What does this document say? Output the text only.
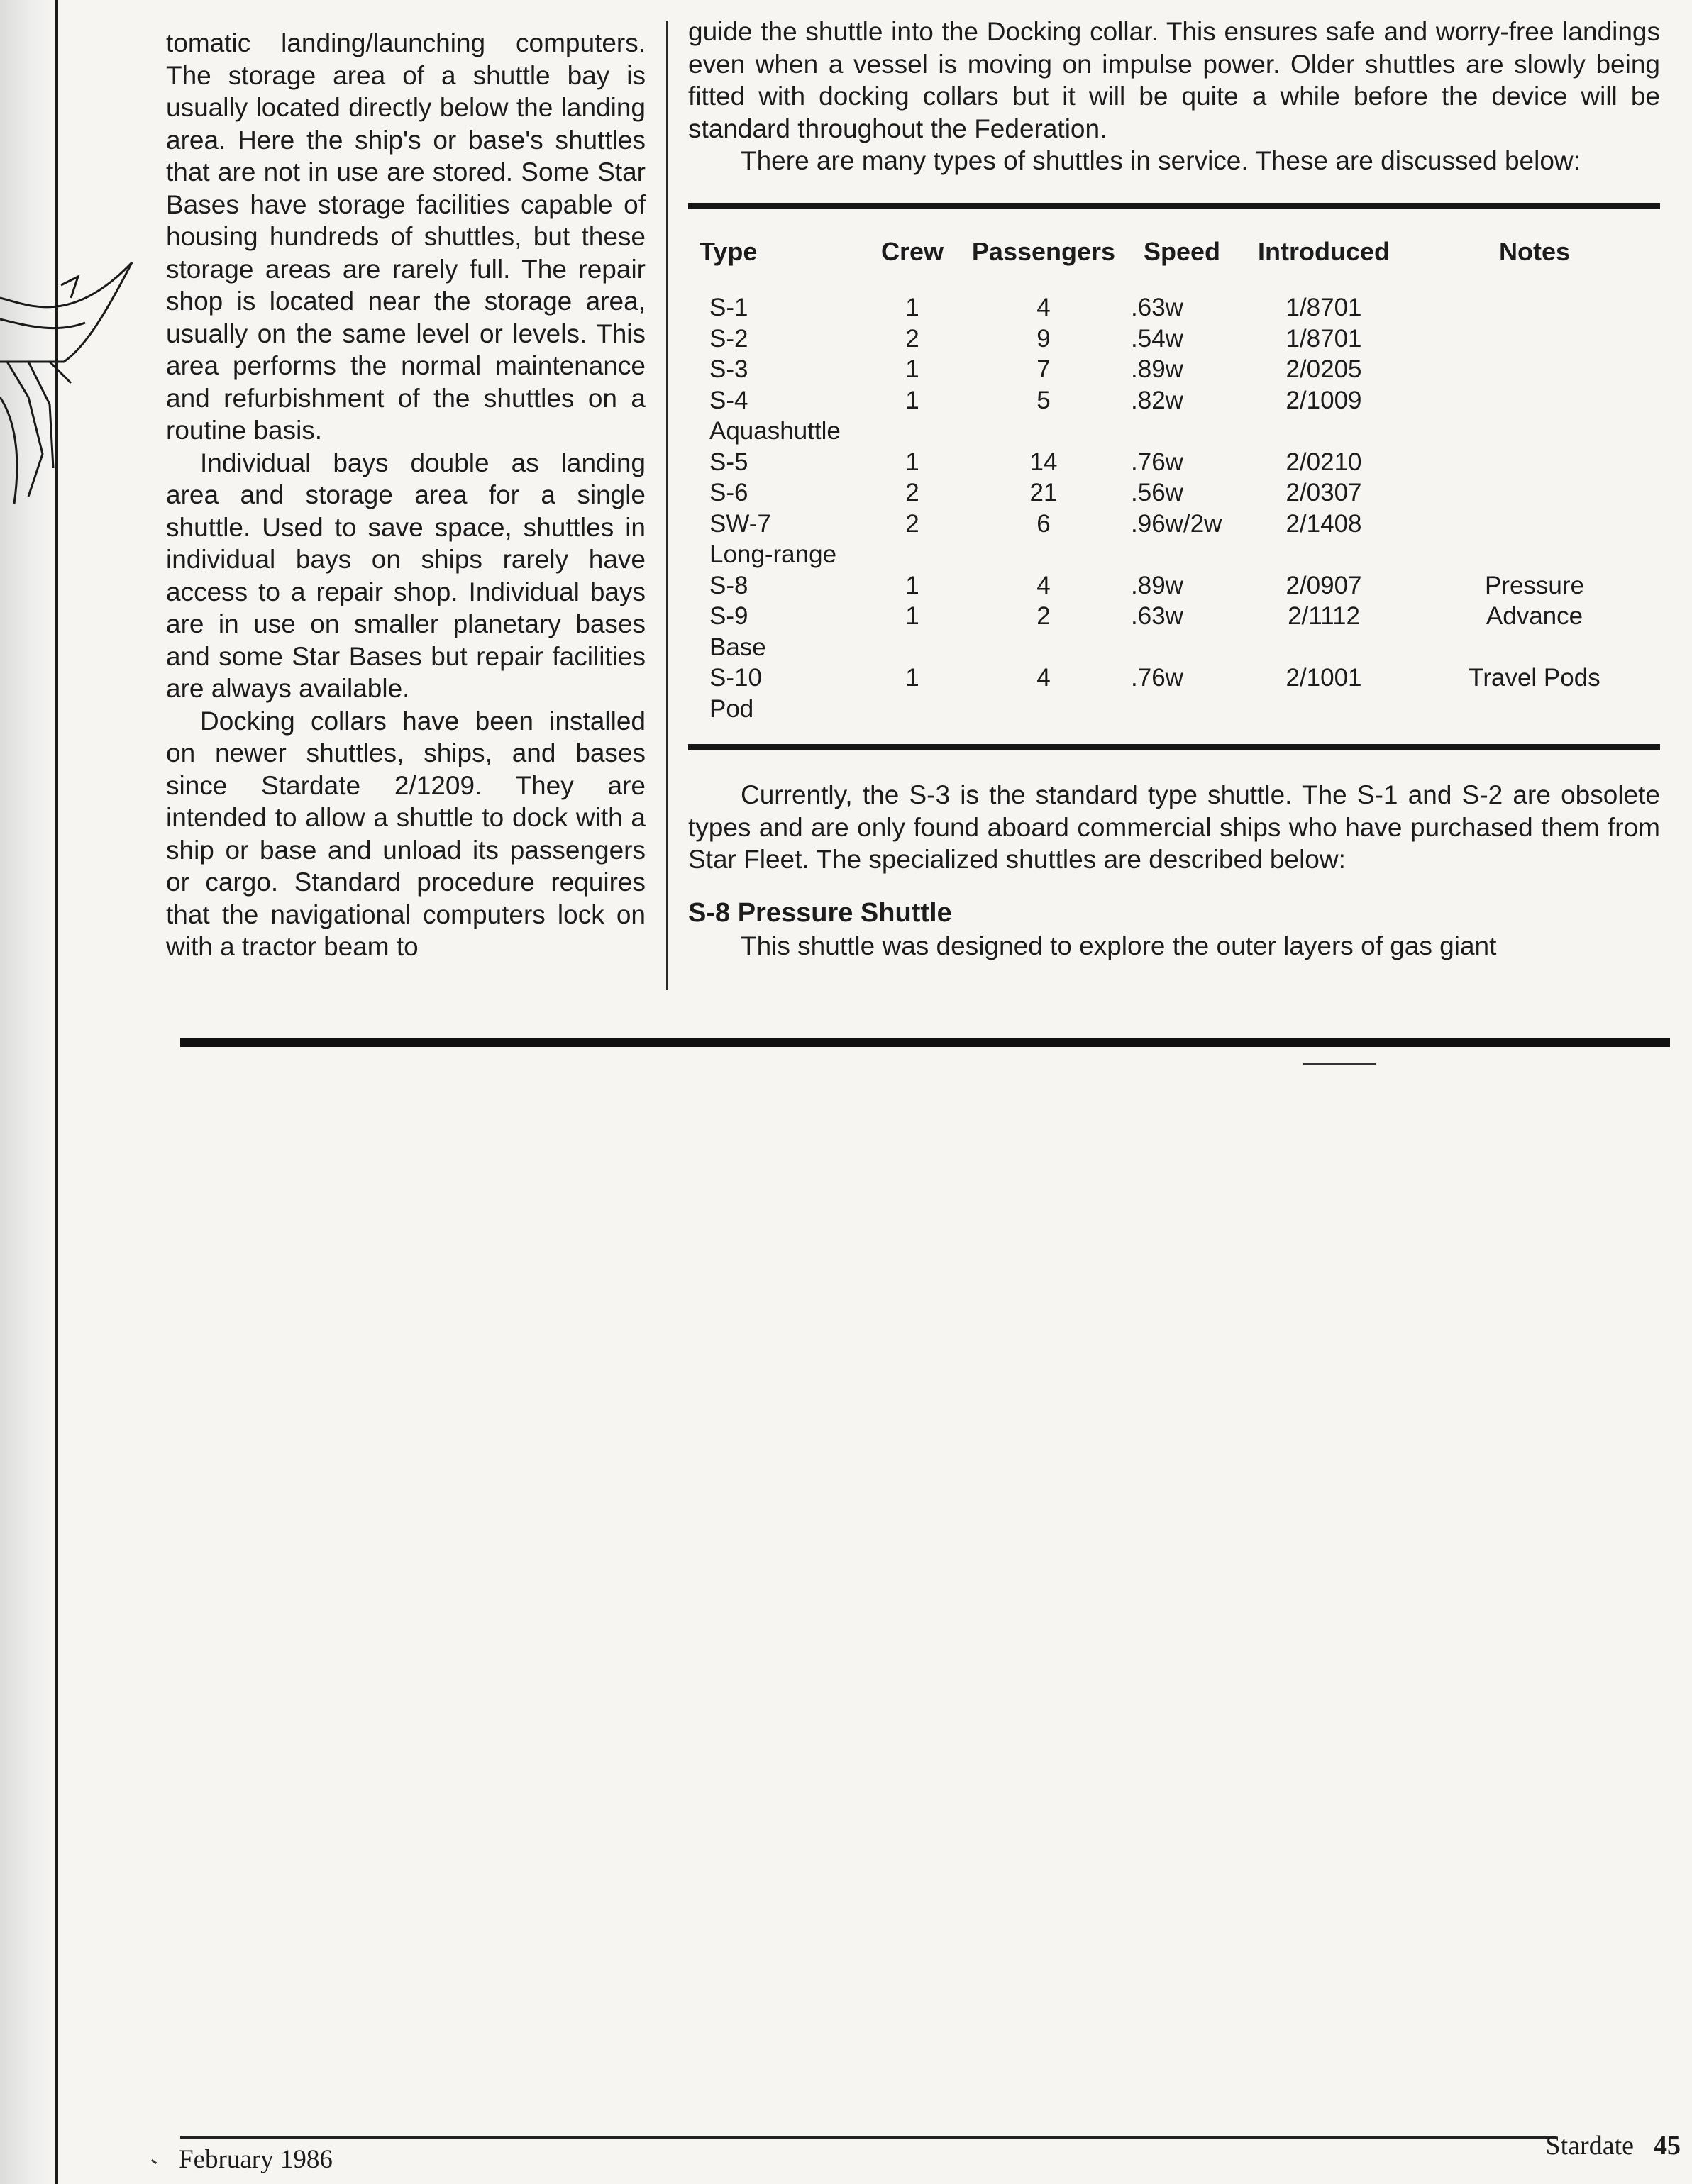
tomatic landing/launching computers. The storage area of a shuttle bay is usually located directly below the landing area. Here the ship's or base's shuttles that are not in use are stored. Some Star Bases have storage facilities capable of housing hundreds of shuttles, but these storage areas are rarely full. The repair shop is located near the storage area, usually on the same level or levels. This area performs the normal maintenance and refurbishment of the shuttles on a routine basis.

Individual bays double as landing area and storage area for a single shuttle. Used to save space, shuttles in individual bays on ships rarely have access to a repair shop. Individual bays are in use on smaller planetary bases and some Star Bases but repair facilities are always available.

Docking collars have been installed on newer shuttles, ships, and bases since Stardate 2/1209. They are intended to allow a shuttle to dock with a ship or base and unload its passengers or cargo. Standard procedure requires that the navigational computers lock on with a tractor beam to

guide the shuttle into the Docking collar. This ensures safe and worry-free landings even when a vessel is moving on impulse power. Older shuttles are slowly being fitted with docking collars but it will be quite a while before the device will be standard throughout the Federation.

There are many types of shuttles in service. These are discussed below:

Type	Crew	Passengers	Speed	Introduced	Notes
S-1	1	4	.63w	1/8701	
S-2	2	9	.54w	1/8701	
S-3	1	7	.89w	2/0205	
S-4	1	5	.82w	2/1009	
Aquashuttle					
S-5	1	14	.76w	2/0210	
S-6	2	21	.56w	2/0307	
SW-7	2	6	.96w/2w	2/1408	
Long-range					
S-8	1	4	.89w	2/0907	Pressure
S-9	1	2	.63w	2/1112	Advance
Base					
S-10	1	4	.76w	2/1001	Travel Pods
Pod					

Currently, the S-3 is the standard type shuttle. The S-1 and S-2 are obsolete types and are only found aboard commercial ships who have purchased them from Star Fleet. The specialized shuttles are described below:

S-8 Pressure Shuttle

This shuttle was designed to explore the outer layers of gas giant

February 1986	Stardate 45
